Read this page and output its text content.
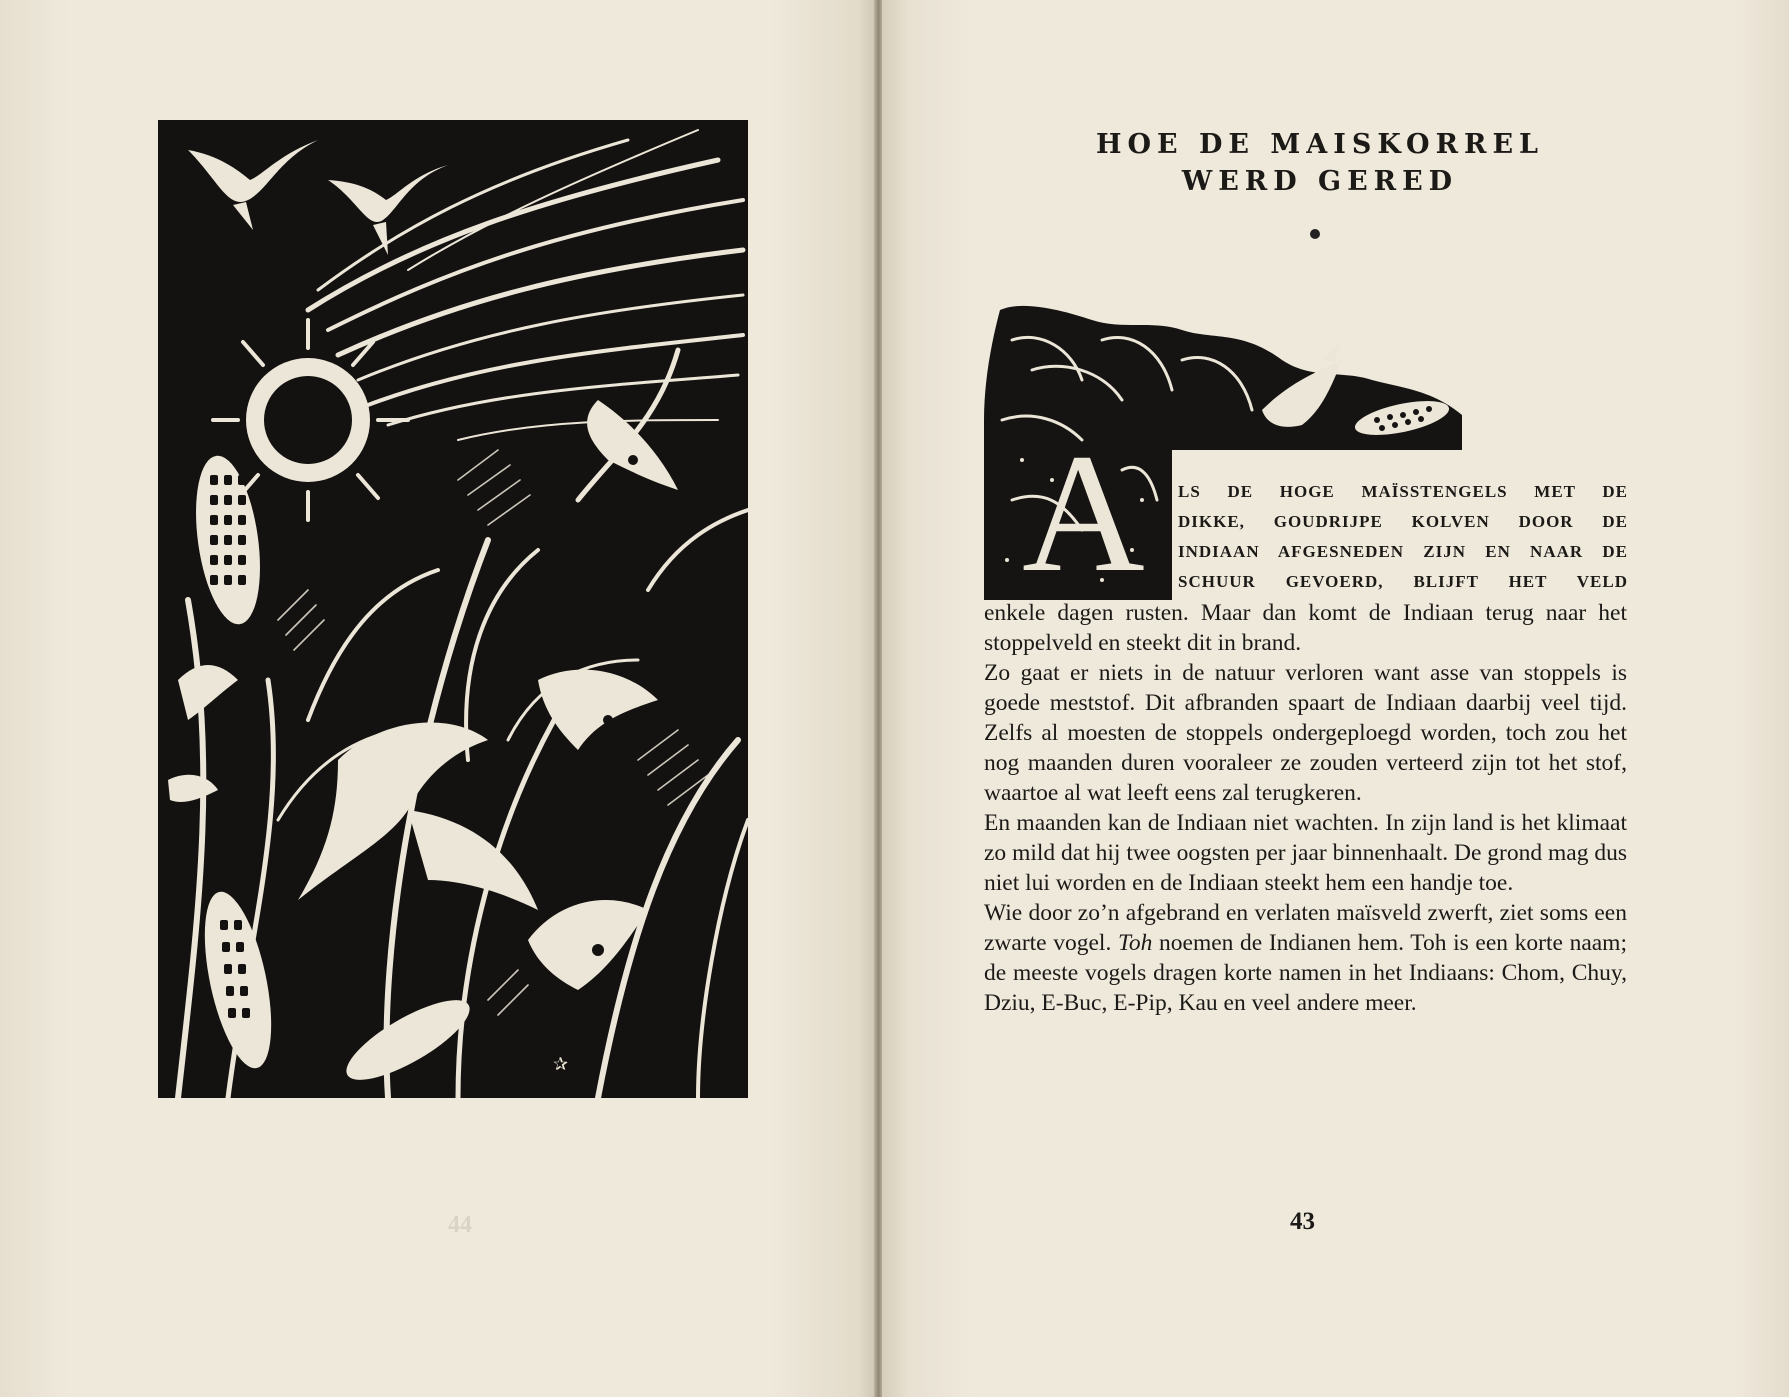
✰
44
HOE DE MAISKORREL
WERD GERED
A LS DE HOGE MAÏSSTENGELS MET DE
DIKKE, GOUDRIJPE KOLVEN DOOR DE
INDIAAN AFGESNEDEN ZIJN EN NAAR DE
SCHUUR GEVOERD, BLIJFT HET VELD

enkele dagen rusten. Maar dan komt de Indiaan terug naar het stoppelveld en steekt dit in brand.

Zo gaat er niets in de natuur verloren want asse van stoppels is goede meststof. Dit afbranden spaart de Indiaan daarbij veel tijd. Zelfs al moesten de stoppels ondergeploegd worden, toch zou het nog maanden duren vooraleer ze zouden verteerd zijn tot het stof, waartoe al wat leeft eens zal terugkeren.

En maanden kan de Indiaan niet wachten. In zijn land is het klimaat zo mild dat hij twee oogsten per jaar binnenhaalt. De grond mag dus niet lui worden en de Indiaan steekt hem een handje toe.

Wie door zo’n afgebrand en verlaten maïsveld zwerft, ziet soms een zwarte vogel. Toh noemen de Indianen hem. Toh is een korte naam; de meeste vogels dragen korte namen in het Indiaans: Chom, Chuy, Dziu, E-Buc, E-Pip, Kau en veel andere meer.

43
